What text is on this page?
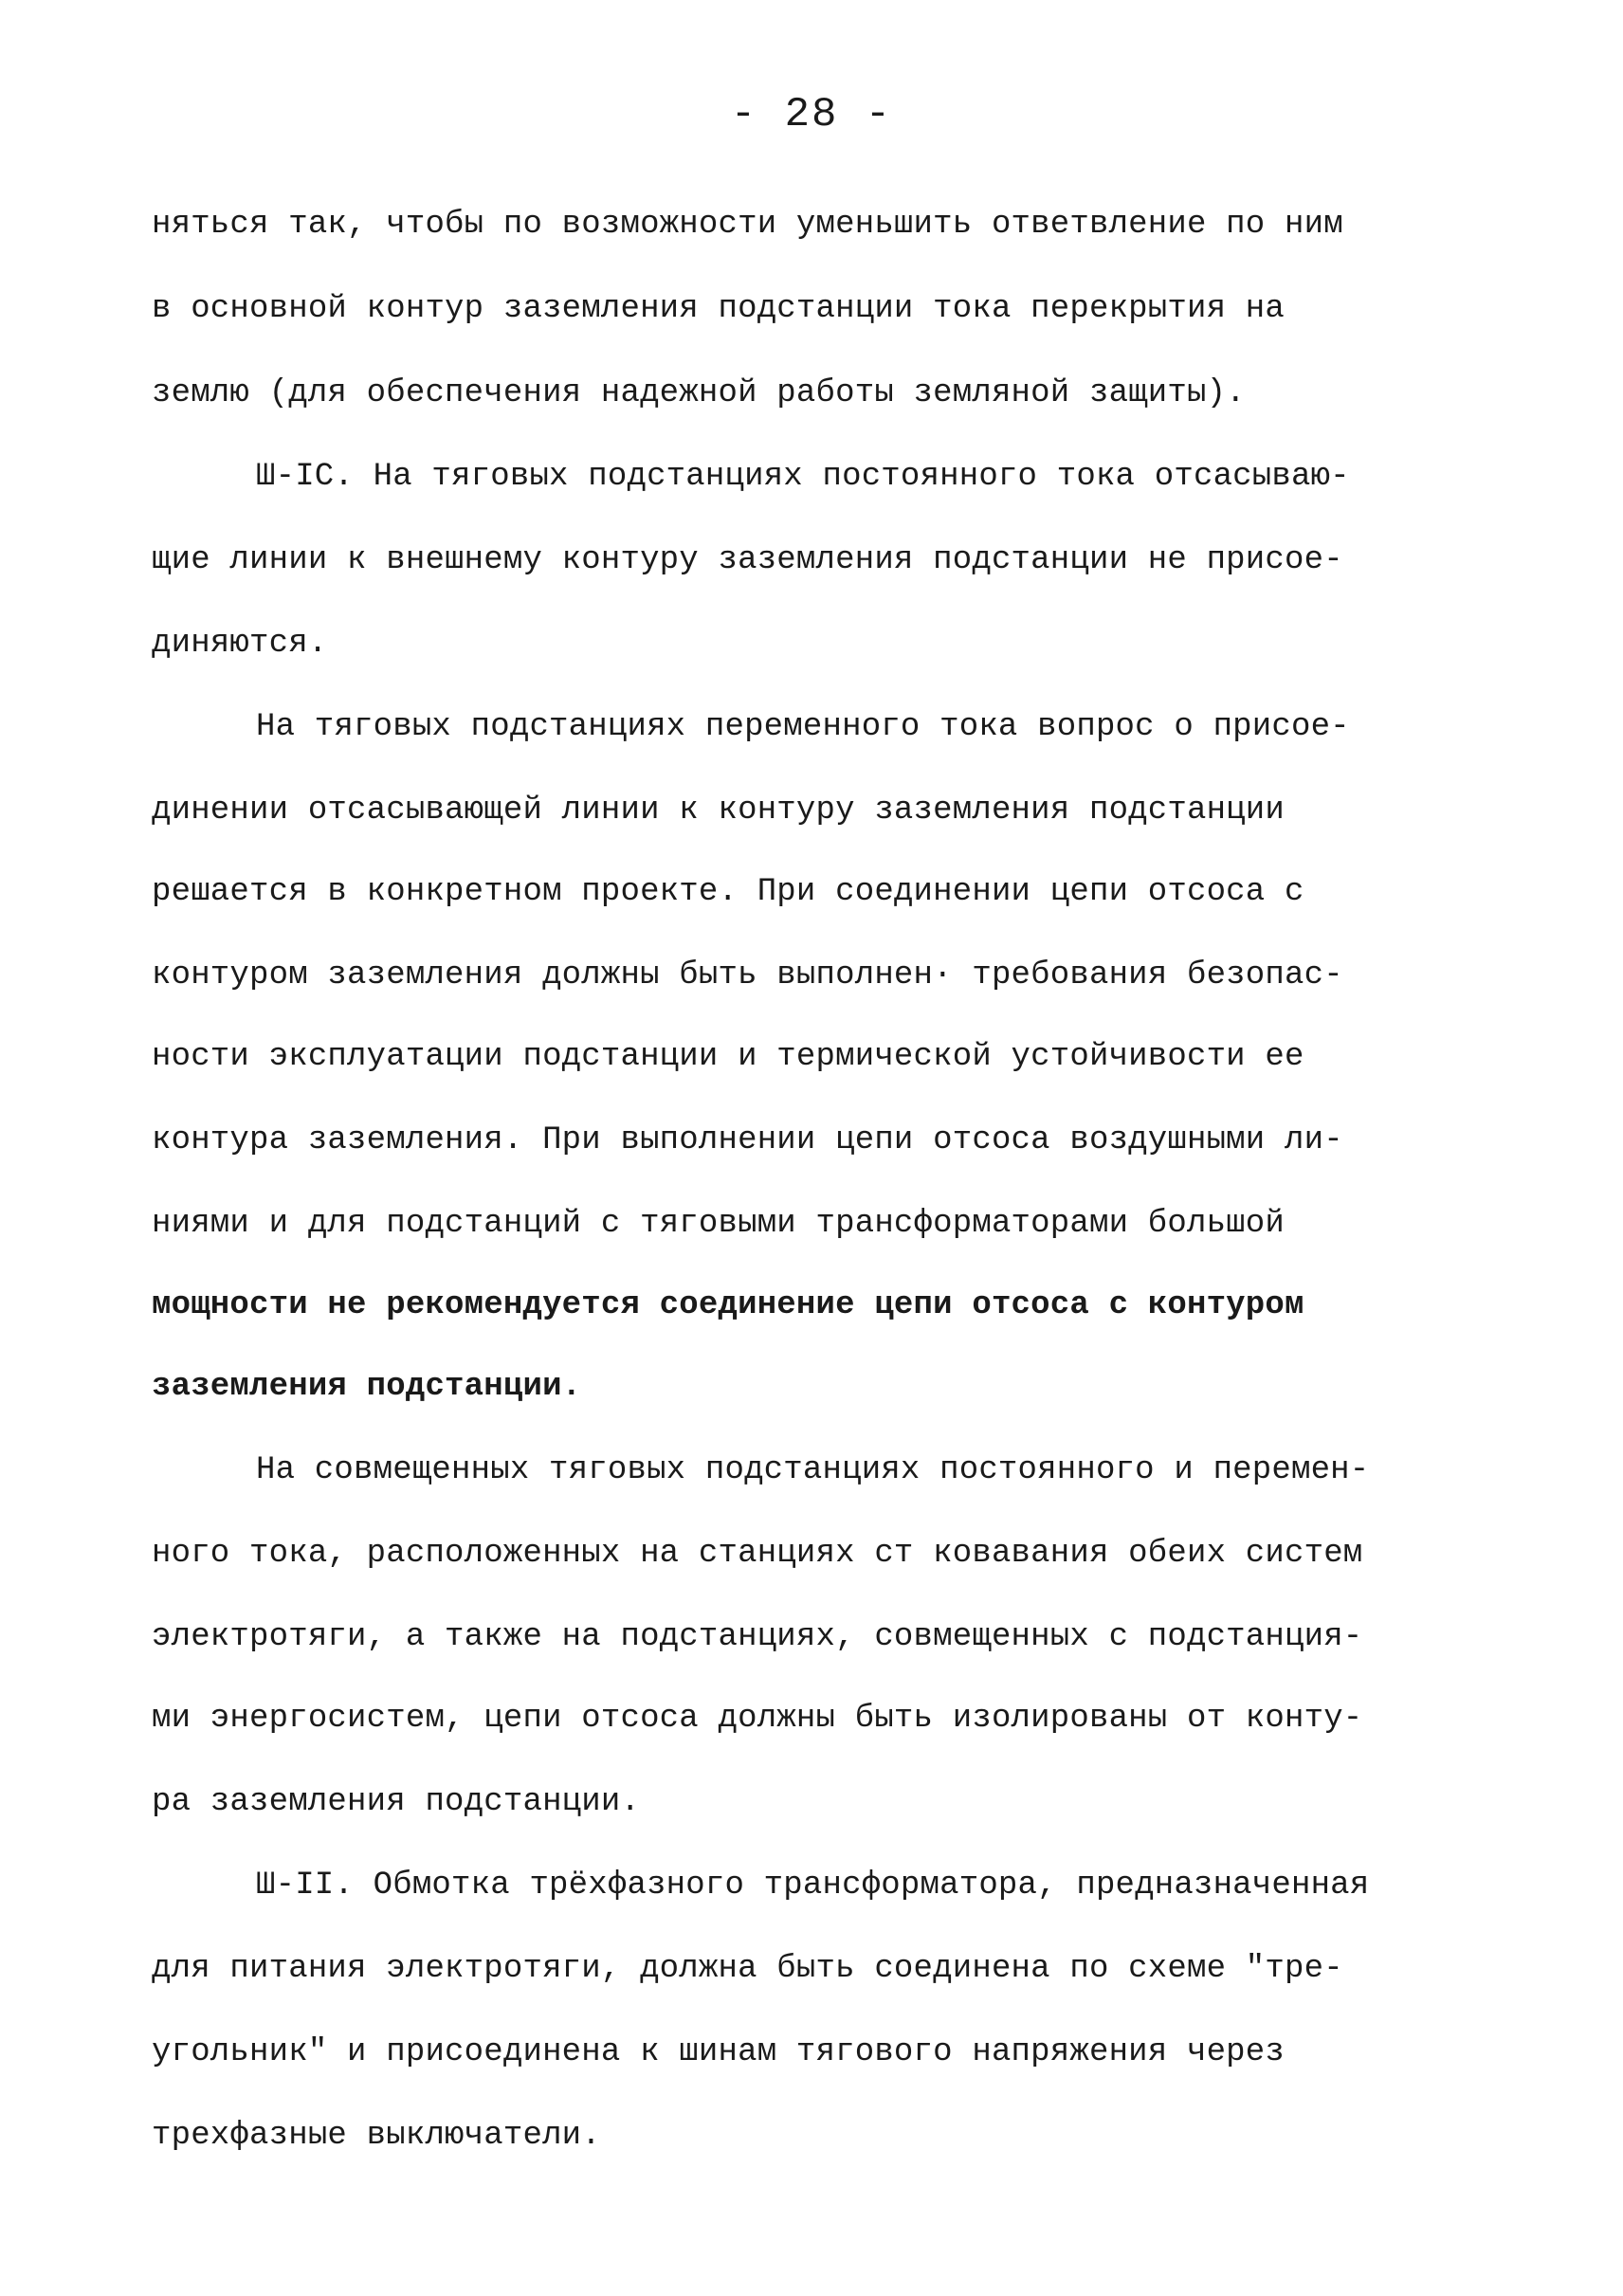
- 28 -
няться так, чтобы по возможности уменьшить ответвление по ним
в основной контур заземления подстанции тока перекрытия на
землю (для обеспечения надежной работы земляной защиты).
Ш-IC. На тяговых подстанциях постоянного тока отсасываю-
щие линии к внешнему контуру заземления подстанции не присое-
диняются.
На тяговых подстанциях переменного тока вопрос о присое-
динении отсасывающей линии к контуру заземления подстанции
решается в конкретном проекте. При соединении цепи отсоса с
контуром заземления должны быть выполнен· требования безопас-
ности эксплуатации подстанции и термической устойчивости ее
контура заземления. При выполнении цепи отсоса воздушными ли-
ниями и для подстанций с тяговыми трансформаторами большой
мощности не рекомендуется соединение цепи отсоса с контуром
заземления подстанции.
На совмещенных тяговых подстанциях постоянного и перемен-
ного тока, расположенных на станциях ст ковавания обеих систем
электротяги, а также на подстанциях, совмещенных с подстанция-
ми энергосистем, цепи отсоса должны быть изолированы от конту-
ра заземления подстанции.
Ш-II. Обмотка трёхфазного трансформатора, предназначенная
для питания электротяги, должна быть соединена по схеме "тре-
угольник" и присоединена к шинам тягового напряжения через
трехфазные выключатели.
